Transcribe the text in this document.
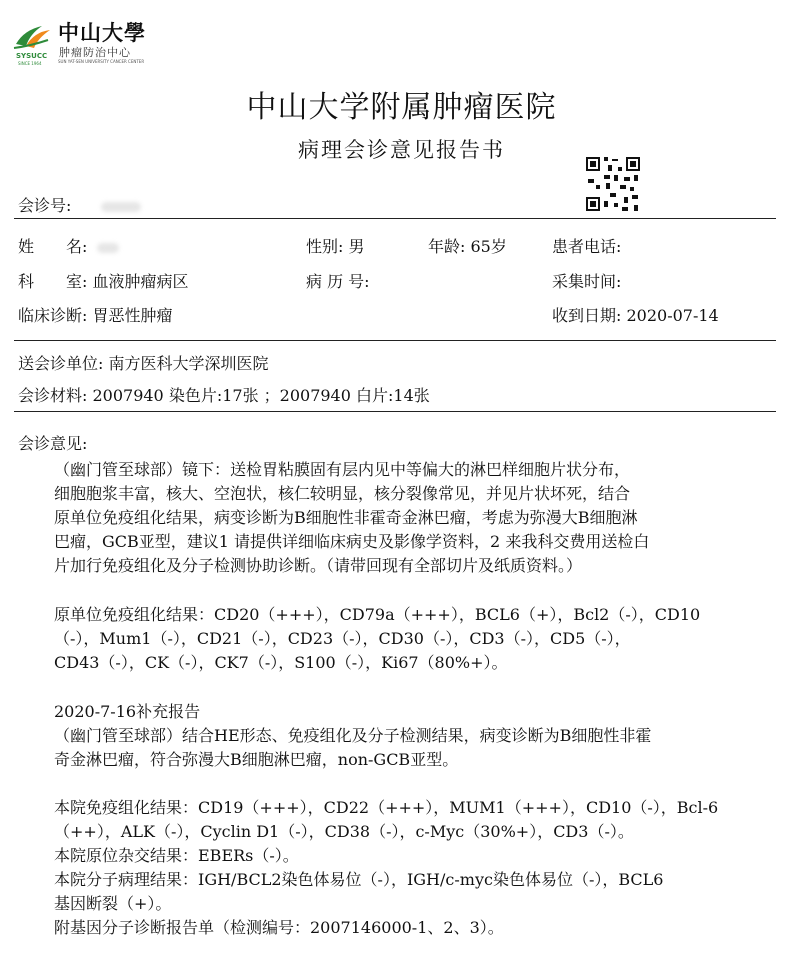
SYSUCC
SINCE 1964
中山大學
肿瘤防治中心
SUN YAT-SEN UNIVERSITY CANCER CENTER
中山大学附属肿瘤医院
病理会诊意见报告书
会诊号:
姓　　名:	性别: 男	年龄: 65岁	患者电话:
科　　室: 血液肿瘤病区	病 历 号:	采集时间:
临床诊断: 胃恶性肿瘤	收到日期: 2020-07-14
送会诊单位: 南方医科大学深圳医院
会诊材料: 2007940 染色片:17张 ；2007940 白片:14张
会诊意见:

（幽门管至球部）镜下：送检胃粘膜固有层内见中等偏大的淋巴样细胞片状分布，

细胞胞浆丰富，核大、空泡状，核仁较明显，核分裂像常见，并见片状坏死，结合

原单位免疫组化结果，病变诊断为B细胞性非霍奇金淋巴瘤，考虑为弥漫大B细胞淋

巴瘤，GCB亚型，建议1 请提供详细临床病史及影像学资料，2 来我科交费用送检白

片加行免疫组化及分子检测协助诊断。（请带回现有全部切片及纸质资料。）

原单位免疫组化结果：CD20（+++），CD79a（+++），BCL6（+），Bcl2（-），CD10

（-），Mum1（-），CD21（-），CD23（-），CD30（-），CD3（-），CD5（-），

CD43（-），CK（-），CK7（-），S100（-），Ki67（80%+）。

2020-7-16补充报告

（幽门管至球部）结合HE形态、免疫组化及分子检测结果，病变诊断为B细胞性非霍

奇金淋巴瘤，符合弥漫大B细胞淋巴瘤，non-GCB亚型。

本院免疫组化结果：CD19（+++），CD22（+++），MUM1（+++），CD10（-），Bcl-6

（++），ALK（-），Cyclin D1（-），CD38（-），c-Myc（30%+），CD3（-）。

本院原位杂交结果：EBERs（-）。

本院分子病理结果：IGH/BCL2染色体易位（-），IGH/c-myc染色体易位（-），BCL6

基因断裂（+）。

附基因分子诊断报告单（检测编号：2007146000-1、2、3）。
